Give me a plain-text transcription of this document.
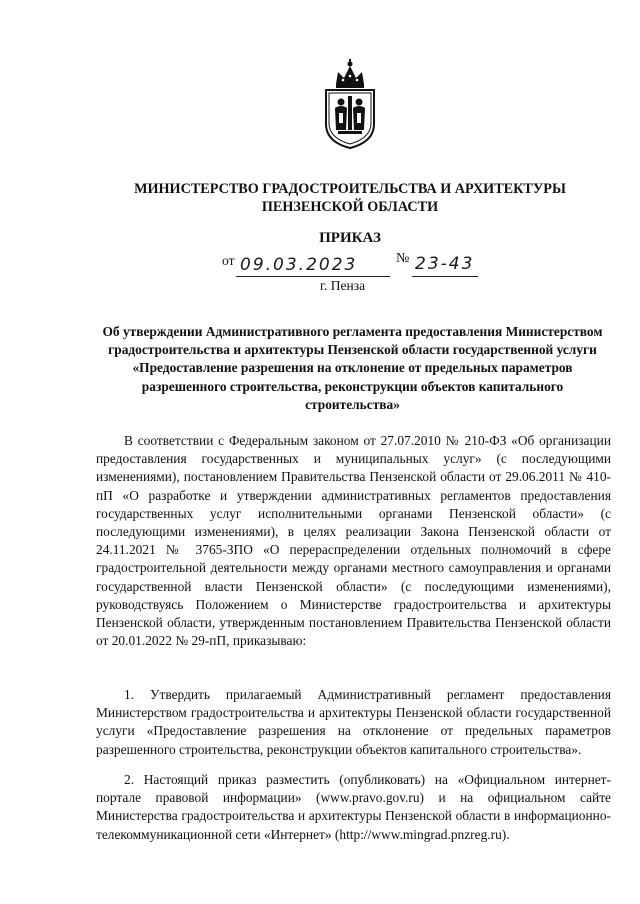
МИНИСТЕРСТВО ГРАДОСТРОИТЕЛЬСТВА И АРХИТЕКТУРЫ
ПЕНЗЕНСКОЙ ОБЛАСТИ
ПРИКАЗ
от 09.03.2023	№ 23-43
г. Пенза
Об утверждении Административного регламента предоставления Министерством градостроительства и архитектуры Пензенской области государственной услуги «Предоставление разрешения на отклонение от предельных параметров разрешенного строительства, реконструкции объектов капитального строительства»

В соответствии с Федеральным законом от 27.07.2010 № 210-ФЗ «Об организации предоставления государственных и муниципальных услуг» (с последующими изменениями), постановлением Правительства Пензенской области от 29.06.2011 № 410-пП «О разработке и утверждении административных регламентов предоставления государственных услуг исполнительными органами Пензенской области» (с последующими изменениями), в целях реализации Закона Пензенской области от 24.11.2021 № 3765-ЗПО «О перераспределении отдельных полномочий в сфере градостроительной деятельности между органами местного самоуправления и органами государственной власти Пензенской области» (с последующими изменениями), руководствуясь Положением о Министерстве градостроительства и архитектуры Пензенской области, утвержденным постановлением Правительства Пензенской области от 20.01.2022 № 29-пП, приказываю:

1. Утвердить прилагаемый Административный регламент предоставления Министерством градостроительства и архитектуры Пензенской области государственной услуги «Предоставление разрешения на отклонение от предельных параметров разрешенного строительства, реконструкции объектов капитального строительства».

2. Настоящий приказ разместить (опубликовать) на «Официальном интернет-портале правовой информации» (www.pravo.gov.ru) и на официальном сайте Министерства градостроительства и архитектуры Пензенской области в информационно-телекоммуникационной сети «Интернет» (http://www.mingrad.pnzreg.ru).
